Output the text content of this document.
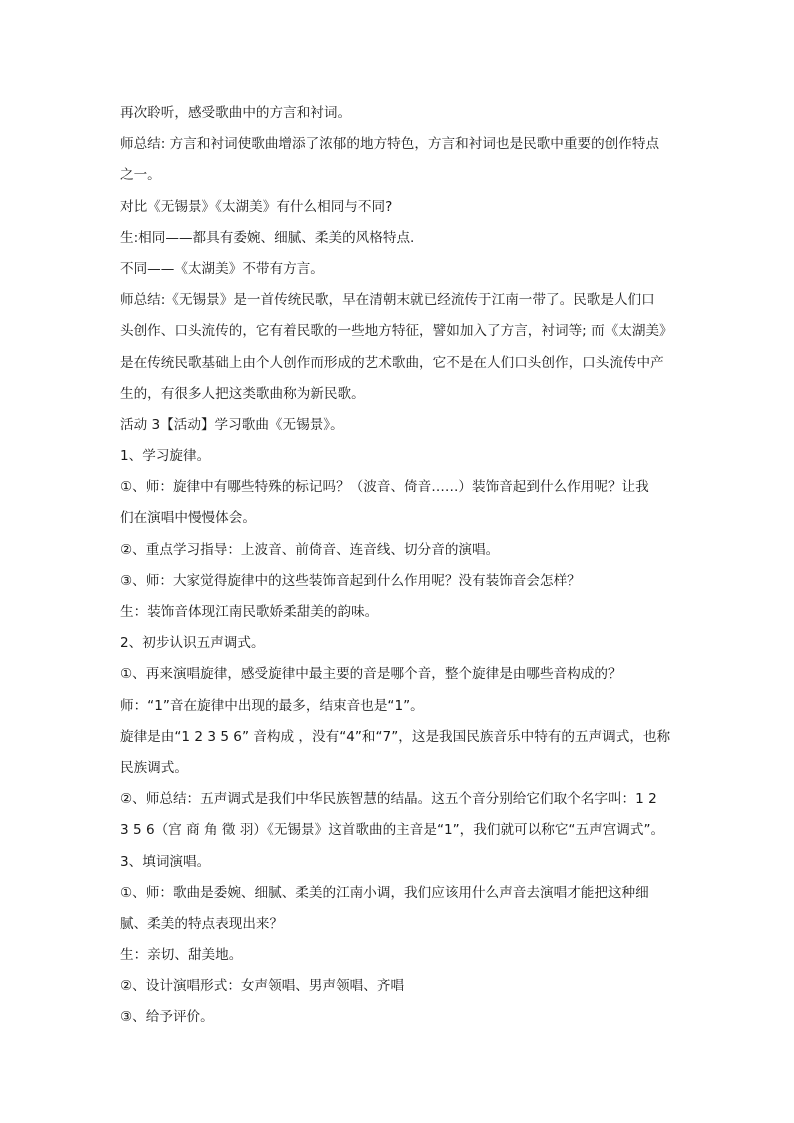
再次聆听，感受歌曲中的方言和衬词。
师总结: 方言和衬词使歌曲增添了浓郁的地方特色，方言和衬词也是民歌中重要的创作特点
之一。
对比《无锡景》《太湖美》有什么相同与不同?
生:相同——都具有委婉、细腻、柔美的风格特点.
不同——《太湖美》不带有方言。
师总结:《无锡景》是一首传统民歌，早在清朝末就已经流传于江南一带了。民歌是人们口
头创作、口头流传的，它有着民歌的一些地方特征，譬如加入了方言，衬词等; 而《太湖美》
是在传统民歌基础上由个人创作而形成的艺术歌曲，它不是在人们口头创作，口头流传中产
生的，有很多人把这类歌曲称为新民歌。
活动 3【活动】学习歌曲《无锡景》。
1、学习旋律。
①、师：旋律中有哪些特殊的标记吗？（波音、倚音……）装饰音起到什么作用呢？让我
们在演唱中慢慢体会。
②、重点学习指导：上波音、前倚音、连音线、切分音的演唱。
③、师：大家觉得旋律中的这些装饰音起到什么作用呢？没有装饰音会怎样？
生：装饰音体现江南民歌娇柔甜美的韵味。
2、初步认识五声调式。
①、再来演唱旋律，感受旋律中最主要的音是哪个音，整个旋律是由哪些音构成的？
师：“1”音在旋律中出现的最多，结束音也是“1”。
旋律是由“1 2 3 5 6” 音构成 ，没有“4”和“7”，这是我国民族音乐中特有的五声调式，也称
民族调式。
②、师总结：五声调式是我们中华民族智慧的结晶。这五个音分别给它们取个名字叫：1 2
3 5 6（宫 商 角 徵 羽）《无锡景》这首歌曲的主音是“1”，我们就可以称它“五声宫调式”。
3、填词演唱。
①、师：歌曲是委婉、细腻、柔美的江南小调，我们应该用什么声音去演唱才能把这种细
腻、柔美的特点表现出来？
生：亲切、甜美地。
②、设计演唱形式：女声领唱、男声领唱、齐唱
③、给予评价。
